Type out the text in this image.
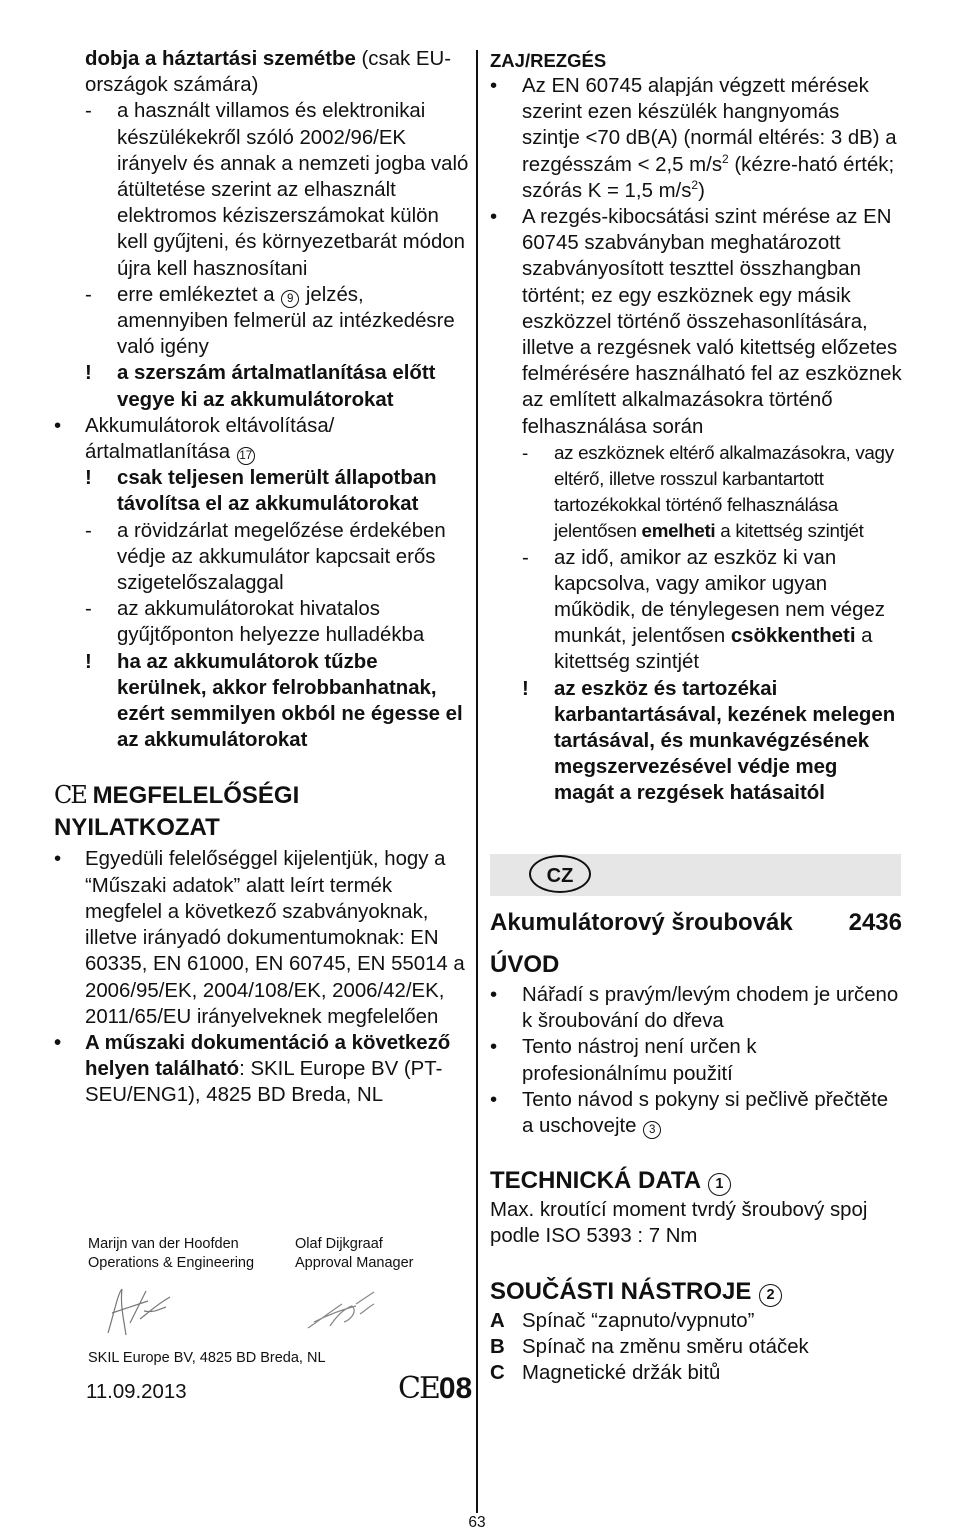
dobja a háztartási szemétbe (csak EU-országok számára)
- a használt villamos és elektronikai készülékekről szóló 2002/96/EK irányelv és annak a nemzeti jogba való átültetése szerint az elhasznált elektromos kéziszerszámokat külön kell gyűjteni, és környezetbarát módon újra kell hasznosítani
- erre emlékeztet a 9 jelzés, amennyiben felmerül az intézkedésre való igény
! a szerszám ártalmatlanítása előtt vegye ki az akkumulátorokat
• Akkumulátorok eltávolítása/ ártalmatlanítása 17
! csak teljesen lemerült állapotban távolítsa el az akkumulátorokat
- a rövidzárlat megelőzése érdekében védje az akkumulátor kapcsait erős szigetelőszalaggal
- az akkumulátorokat hivatalos gyűjtőponton helyezze hulladékba
! ha az akkumulátorok tűzbe kerülnek, akkor felrobbanhatnak, ezért semmilyen okból ne égesse el az akkumulátorokat
CE MEGFELELŐSÉGI NYILATKOZAT
• Egyedüli felelőséggel kijelentjük, hogy a “Műszaki adatok” alatt leírt termék megfelel a következő szabványoknak, illetve irányadó dokumentumoknak: EN 60335, EN 61000, EN 60745, EN 55014 a 2006/95/EK, 2004/108/EK, 2006/42/EK, 2011/65/EU irányelveknek megfelelően
• A műszaki dokumentáció a következő helyen található: SKIL Europe BV (PT-SEU/ENG1), 4825 BD Breda, NL
Marijn van der Hoofden
Operations & Engineering
Olaf Dijkgraaf
Approval Manager
SKIL Europe BV, 4825 BD Breda, NL
11.09.2013	CE08
ZAJ/REZGÉS
• Az EN 60745 alapján végzett mérések szerint ezen készülék hangnyomás szintje <70 dB(A) (normál eltérés: 3 dB) a rezgésszám < 2,5 $m/s^2$ (kézre-ható érték; szórás K = 1,5 $m/s^2$)
• A rezgés-kibocsátási szint mérése az EN 60745 szabványban meghatározott szabványosított teszttel összhangban történt; ez egy eszköznek egy másik eszközzel történő összehasonlítására, illetve a rezgésnek való kitettség előzetes felmérésére használható fel az eszköznek az említett alkalmazásokra történő felhasználása során
- az eszköznek eltérő alkalmazásokra, vagy eltérő, illetve rosszul karbantartott tartozékokkal történő felhasználása jelentősen emelheti a kitettség szintjét
- az idő, amikor az eszköz ki van kapcsolva, vagy amikor ugyan működik, de ténylegesen nem végez munkát, jelentősen csökkentheti a kitettség szintjét
! az eszköz és tartozékai karbantartásával, kezének melegen tartásával, és munkavégzésének megszervezésével védje meg magát a rezgések hatásaitól
CZ
Akumulátorový šroubovák 2436
ÚVOD
• Nářadí s pravým/levým chodem je určeno k šroubování do dřeva
• Tento nástroj není určen k profesionálnímu použití
• Tento návod s pokyny si pečlivě přečtěte a uschovejte 3
TECHNICKÁ DATA 1
Max. kroutící moment tvrdý šroubový spoj podle ISO 5393 : 7 Nm
SOUČÁSTI NÁSTROJE 2
A Spínač “zapnuto/vypnuto”
B Spínač na změnu směru otáček
C Magnetické držák bitů
63
